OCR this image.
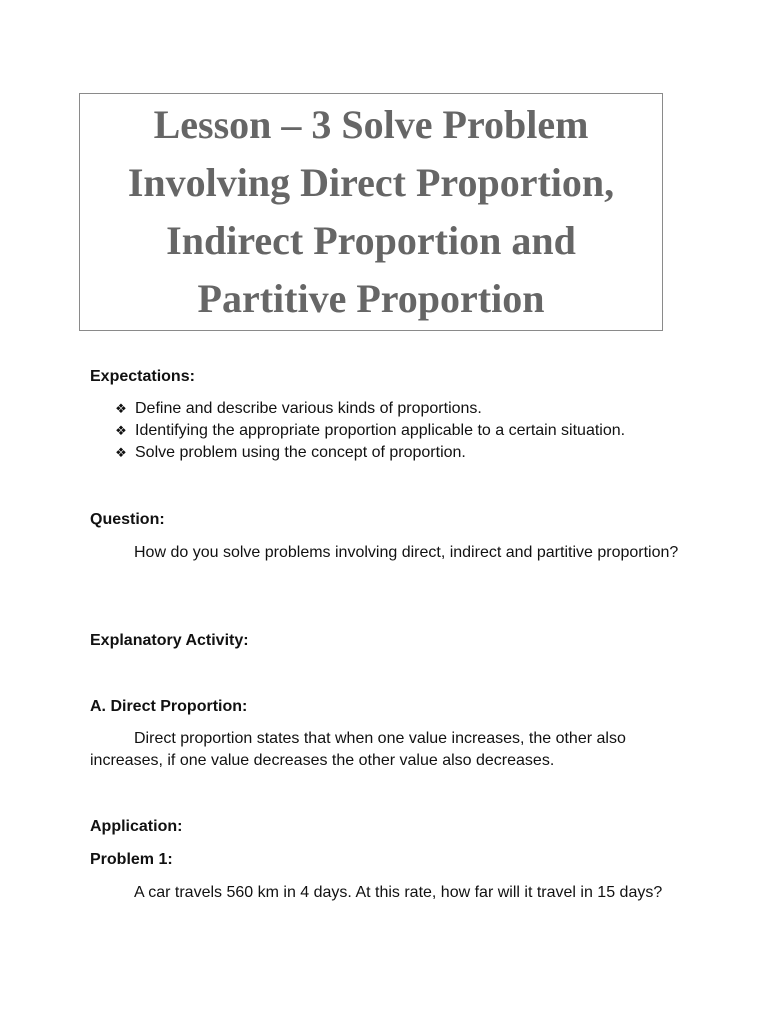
Lesson – 3 Solve Problem
Involving Direct Proportion,
Indirect Proportion and
Partitive Proportion
Expectations:
❖ Define and describe various kinds of proportions.
❖ Identifying the appropriate proportion applicable to a certain situation.
❖ Solve problem using the concept of proportion.
Question:
How do you solve problems involving direct, indirect and partitive proportion?
Explanatory Activity:
A. Direct Proportion:
Direct proportion states that when one value increases, the other also increases, if one value decreases the other value also decreases.
Application:
Problem 1:
A car travels 560 km in 4 days. At this rate, how far will it travel in 15 days?
